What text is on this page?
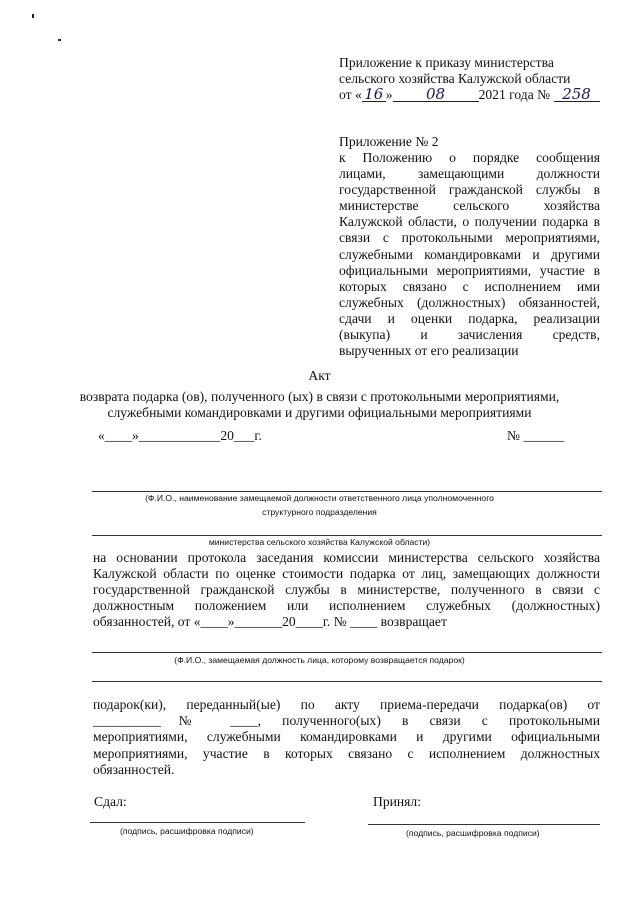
Приложение к приказу министерства
сельского хозяйства Калужской области
от « 16 » 08 2021 года № 258
Приложение № 2
к Положению о порядке сообщения
лицами, замещающими должности
государственной гражданской службы в
министерстве сельского хозяйства
Калужской области, о получении подарка в
связи с протокольными мероприятиями,
служебными командировками и другими
официальными мероприятиями, участие в
которых связано с исполнением ими
служебных (должностных) обязанностей,
сдачи и оценки подарка, реализации
(выкупа) и зачисления средств,
вырученных от его реализации
Акт
возврата подарка (ов), полученного (ых) в связи с протокольными мероприятиями,
служебными командировками и другими официальными мероприятиями
«____»____________20___г.	№ ______
(Ф.И.О., наименование замещаемой должности ответственного лица уполномоченного
структурного подразделения
министерства сельского хозяйства Калужской области)
на основании протокола заседания комиссии министерства сельского хозяйства
Калужской области по оценке стоимости подарка от лиц, замещающих должности
государственной гражданской службы в министерстве, полученного в связи с
должностным положением или исполнением служебных (должностных)
обязанностей, от «____»_______20____г. № ____ возвращает
(Ф.И.О., замещаемая должность лица, которому возвращается подарок)
подарок(ки), переданный(ые) по акту приема-передачи подарка(ов) от
__________№ ____, полученного(ых) в связи с протокольными
мероприятиями, служебными командировками и другими официальными
мероприятиями, участие в которых связано с исполнением должностных
обязанностей.
Сдал:	Принял:
(подпись, расшифровка подписи)	(подпись, расшифровка подписи)
